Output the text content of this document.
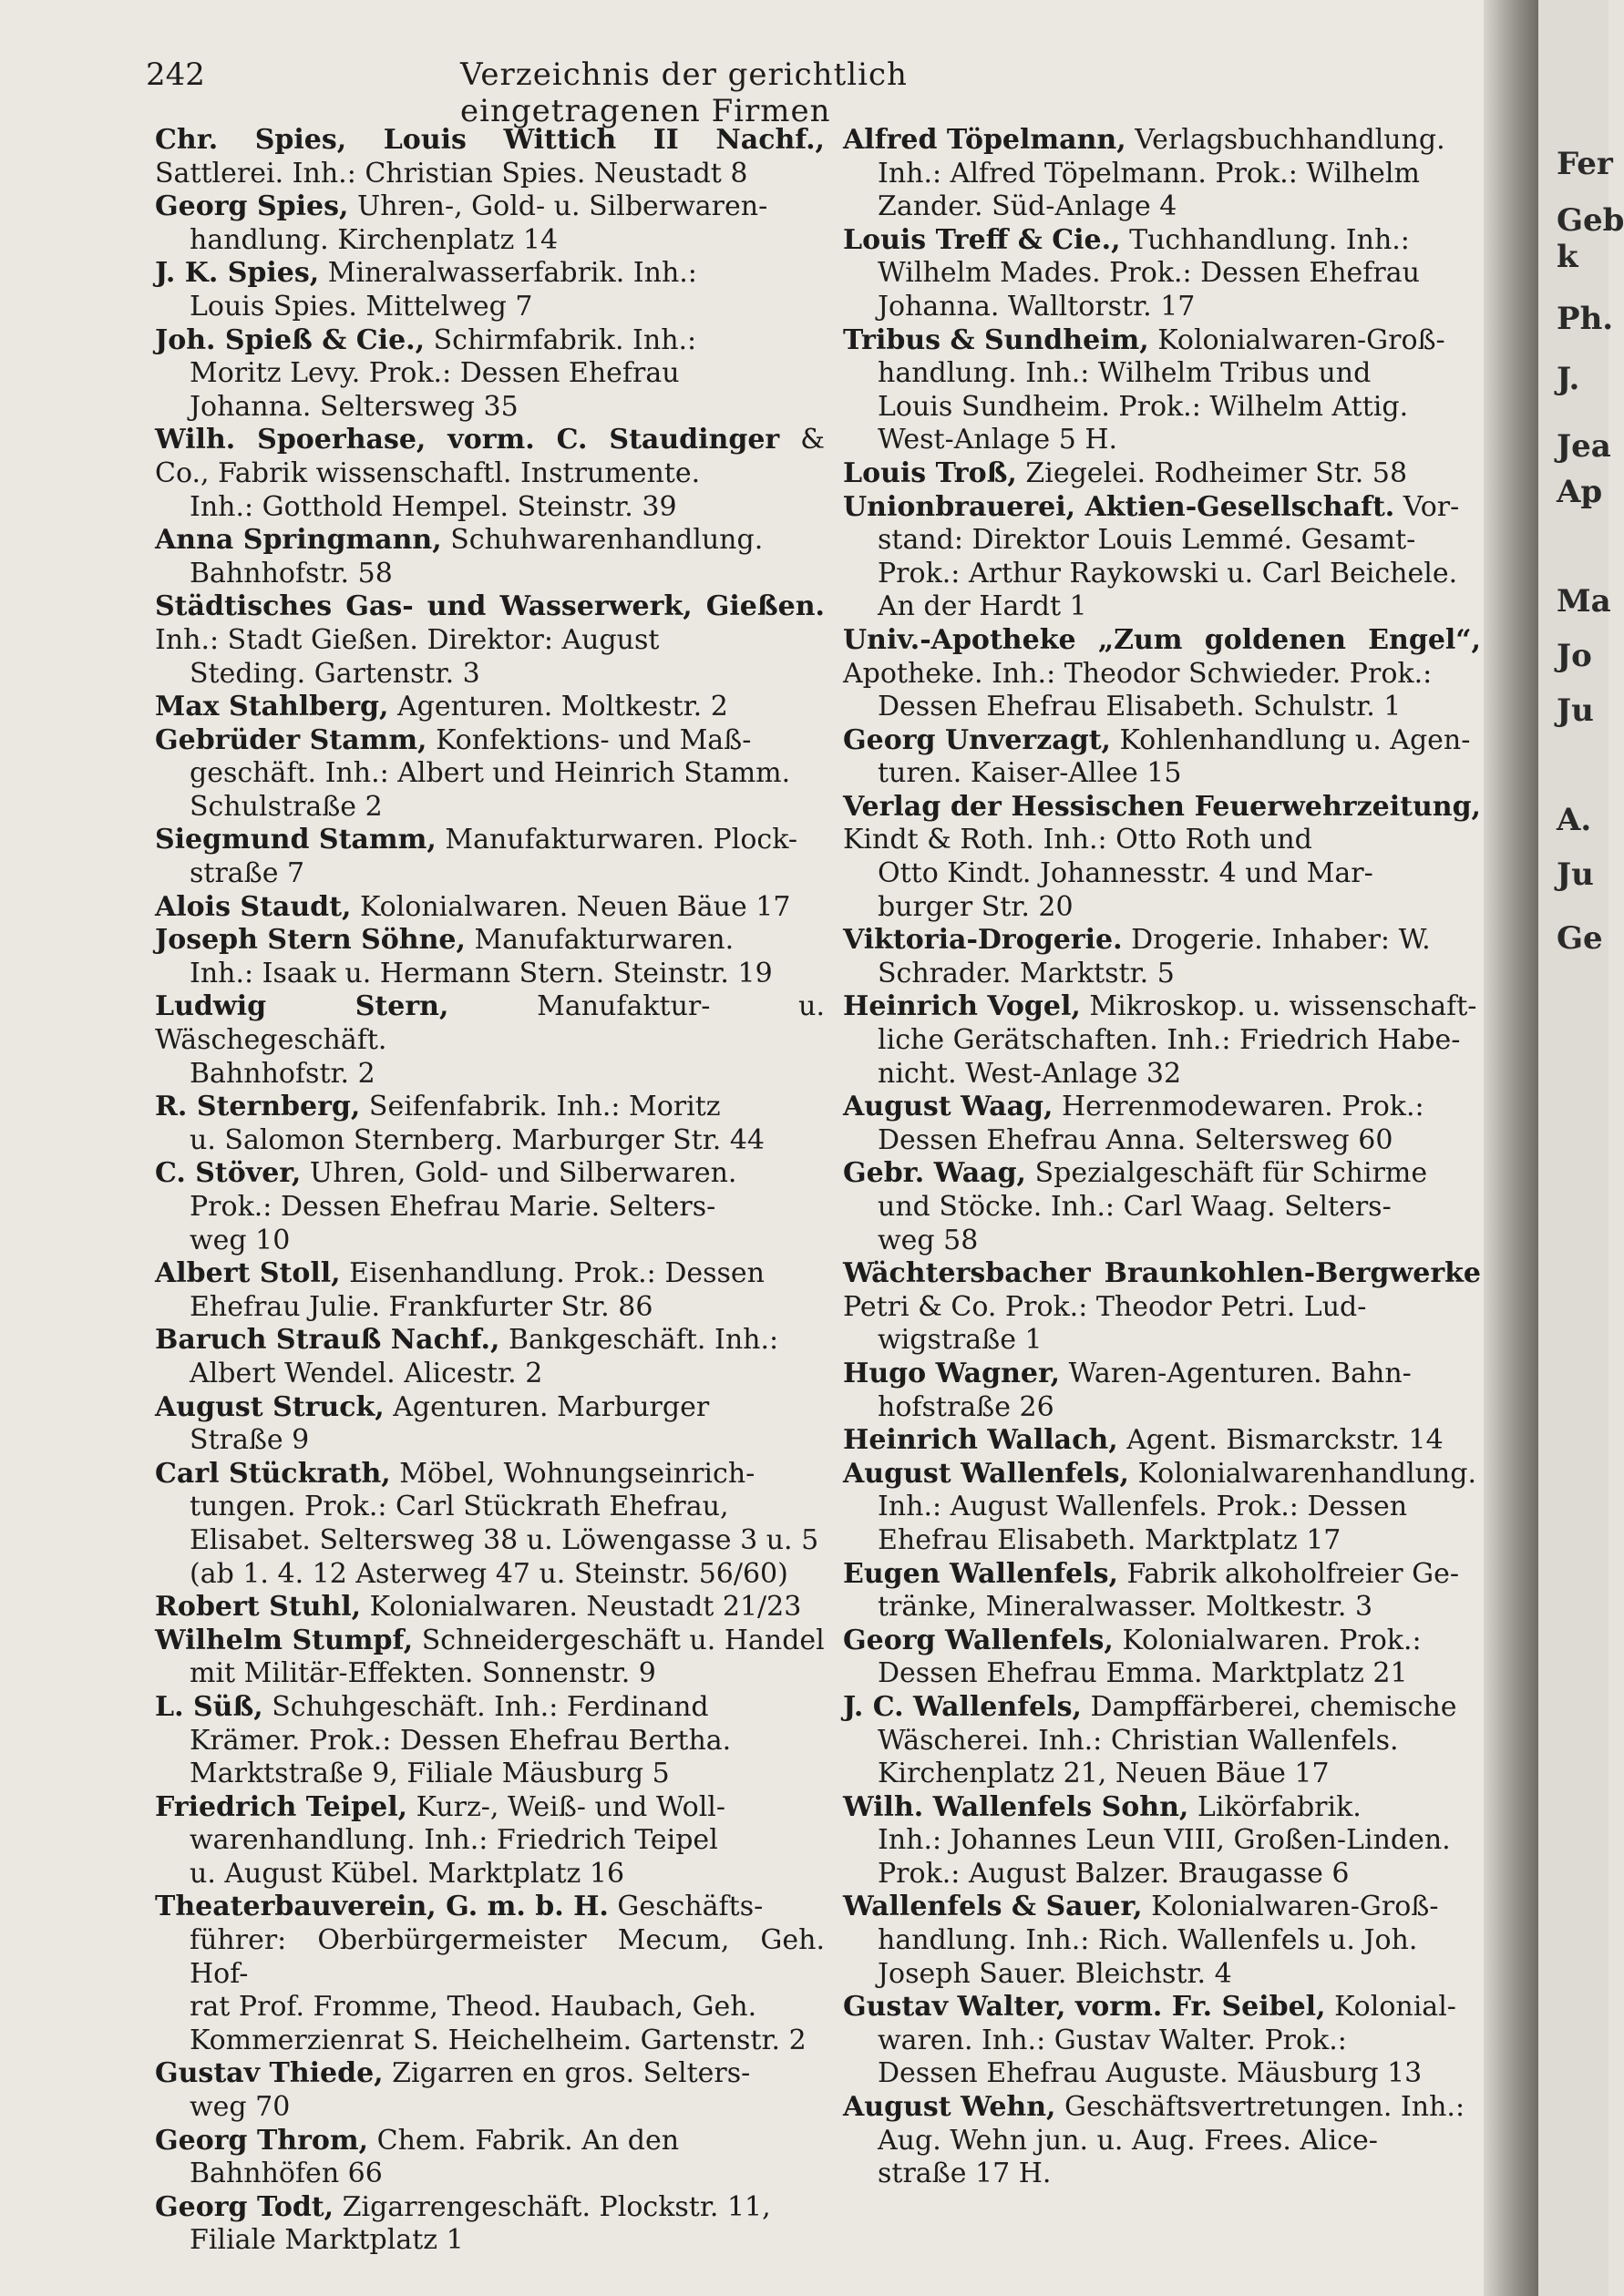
242	Verzeichnis der gerichtlich eingetragenen Firmen

Chr. Spies, Louis Wittich II Nachf., Sattlerei. Inh.: Christian Spies. Neustadt 8

Georg Spies, Uhren-, Gold- u. Silberwaren-
handlung. Kirchenplatz 14

J. K. Spies, Mineralwasserfabrik. Inh.:
Louis Spies. Mittelweg 7

Joh. Spieß & Cie., Schirmfabrik. Inh.:
Moritz Levy. Prok.: Dessen Ehefrau
Johanna. Seltersweg 35

Wilh. Spoerhase, vorm. C. Staudinger & Co., Fabrik wissenschaftl. Instrumente.
Inh.: Gotthold Hempel. Steinstr. 39

Anna Springmann, Schuhwarenhandlung.
Bahnhofstr. 58

Städtisches Gas- und Wasserwerk, Gießen. Inh.: Stadt Gießen. Direktor: August
Steding. Gartenstr. 3

Max Stahlberg, Agenturen. Moltkestr. 2

Gebrüder Stamm, Konfektions- und Maß-
geschäft. Inh.: Albert und Heinrich Stamm.
Schulstraße 2

Siegmund Stamm, Manufakturwaren. Plock-
straße 7

Alois Staudt, Kolonialwaren. Neuen Bäue 17

Joseph Stern Söhne, Manufakturwaren.
Inh.: Isaak u. Hermann Stern. Steinstr. 19

Ludwig Stern,	Manufaktur- u. Wäschegeschäft.
Bahnhofstr. 2

R. Sternberg, Seifenfabrik. Inh.: Moritz
u. Salomon Sternberg. Marburger Str. 44

C. Stöver, Uhren, Gold- und Silberwaren.
Prok.: Dessen Ehefrau Marie. Selters-
weg 10

Albert Stoll, Eisenhandlung. Prok.: Dessen
Ehefrau Julie. Frankfurter Str. 86

Baruch Strauß Nachf., Bankgeschäft. Inh.:
Albert Wendel. Alicestr. 2

August Struck, Agenturen. Marburger
Straße 9

Carl Stückrath, Möbel, Wohnungseinrich-
tungen. Prok.: Carl Stückrath Ehefrau,
Elisabet. Seltersweg 38 u. Löwengasse 3 u. 5
(ab 1. 4. 12 Asterweg 47 u. Steinstr. 56/60)

Robert Stuhl, Kolonialwaren. Neustadt 21/23

Wilhelm Stumpf, Schneidergeschäft u. Handel
mit Militär-Effekten. Sonnenstr. 9

L. Süß, Schuhgeschäft. Inh.: Ferdinand
Krämer. Prok.: Dessen Ehefrau Bertha.
Marktstraße 9, Filiale Mäusburg 5

Friedrich Teipel, Kurz-, Weiß- und Woll-
warenhandlung. Inh.: Friedrich Teipel
u. August Kübel. Marktplatz 16

Theaterbauverein, G. m. b. H. Geschäfts-
führer: Oberbürgermeister Mecum, Geh. Hof-
rat Prof. Fromme, Theod. Haubach, Geh.
Kommerzienrat S. Heichelheim. Gartenstr. 2

Gustav Thiede, Zigarren en gros. Selters-
weg 70

Georg Throm, Chem. Fabrik. An den
Bahnhöfen 66

Georg Todt, Zigarrengeschäft. Plockstr. 11,
Filiale Marktplatz 1

Alfred Töpelmann, Verlagsbuchhandlung.
Inh.: Alfred Töpelmann. Prok.: Wilhelm
Zander. Süd-Anlage 4

Louis Treff & Cie., Tuchhandlung. Inh.:
Wilhelm Mades. Prok.: Dessen Ehefrau
Johanna. Walltorstr. 17

Tribus & Sundheim, Kolonialwaren-Groß-
handlung. Inh.: Wilhelm Tribus und
Louis Sundheim. Prok.: Wilhelm Attig.
West-Anlage 5 H.

Louis Troß, Ziegelei. Rodheimer Str. 58

Unionbrauerei, Aktien-Gesellschaft. Vor-
stand: Direktor Louis Lemmé. Gesamt-
Prok.: Arthur Raykowski u. Carl Beichele.
An der Hardt 1

Univ.-Apotheke „Zum goldenen Engel“, Apotheke. Inh.: Theodor Schwieder. Prok.:
Dessen Ehefrau Elisabeth. Schulstr. 1

Georg Unverzagt, Kohlenhandlung u. Agen-
turen. Kaiser-Allee 15

Verlag der Hessischen Feuerwehrzeitung, Kindt & Roth. Inh.: Otto Roth und
Otto Kindt. Johannesstr. 4 und Mar-
burger Str. 20

Viktoria-Drogerie. Drogerie. Inhaber: W.
Schrader. Marktstr. 5

Heinrich Vogel, Mikroskop. u. wissenschaft-
liche Gerätschaften. Inh.: Friedrich Habe-
nicht. West-Anlage 32

August Waag, Herrenmodewaren. Prok.:
Dessen Ehefrau Anna. Seltersweg 60

Gebr. Waag, Spezialgeschäft für Schirme
und Stöcke. Inh.: Carl Waag. Selters-
weg 58

Wächtersbacher Braunkohlen-Bergwerke Petri & Co. Prok.: Theodor Petri. Lud-
wigstraße 1

Hugo Wagner, Waren-Agenturen. Bahn-
hofstraße 26

Heinrich Wallach, Agent. Bismarckstr. 14

August Wallenfels, Kolonialwarenhandlung.
Inh.: August Wallenfels. Prok.: Dessen
Ehefrau Elisabeth. Marktplatz 17

Eugen Wallenfels, Fabrik alkoholfreier Ge-
tränke, Mineralwasser. Moltkestr. 3

Georg Wallenfels, Kolonialwaren. Prok.:
Dessen Ehefrau Emma. Marktplatz 21

J. C. Wallenfels, Dampffärberei, chemische
Wäscherei. Inh.: Christian Wallenfels.
Kirchenplatz 21, Neuen Bäue 17

Wilh. Wallenfels Sohn, Likörfabrik.
Inh.: Johannes Leun VIII, Großen-Linden.
Prok.: August Balzer. Braugasse 6

Wallenfels & Sauer, Kolonialwaren-Groß-
handlung. Inh.: Rich. Wallenfels u. Joh.
Joseph Sauer. Bleichstr. 4

Gustav Walter, vorm. Fr. Seibel, Kolonial-
waren. Inh.: Gustav Walter. Prok.:
Dessen Ehefrau Auguste. Mäusburg 13

August Wehn, Geschäftsvertretungen. Inh.:
Aug. Wehn jun. u. Aug. Frees. Alice-
straße 17 H.

Fer
Geb
k
Ph.
J.
Jea
Ap
Ma
Jo
Ju
A.
Ju
Ge
